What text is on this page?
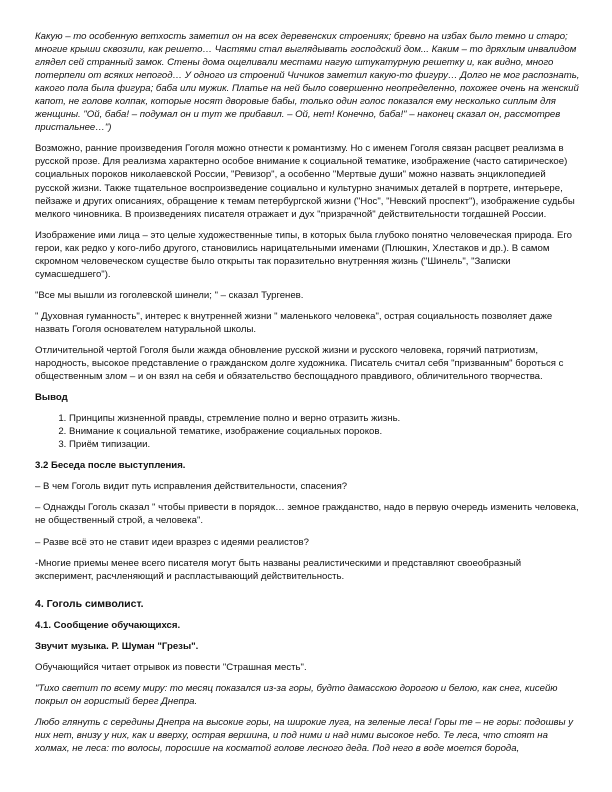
Какую – то особенную ветхость заметил он на всех деревенских строениях; бревно на избах было темно и старо; многие крыши сквозили, как решето… Частями стал выглядывать господский дом... Каким – то дряхлым инвалидом глядел сей странный замок. Стены дома ощеливали местами нагую штукатурную решетку и, как видно, много потерпели от всяких непогод… У одного из строений Чичиков заметил какую-то фигуру… Долго не мог распознать, какого пола была фигура; баба или мужик. Платье на ней было совершенно неопределенно, похожее очень на женский капот, не голове колпак, которые носят дворовые бабы, только один голос показался ему несколько сиплым для женщины. "Ой, баба! – подумал он и тут же прибавил. – Ой, нет! Конечно, баба!" – наконец сказал он, рассмотрев пристальнее…")

Возможно, ранние произведения Гоголя можно отнести к романтизму. Но с именем Гоголя связан расцвет реализма в русской прозе. Для реализма характерно особое внимание к социальной тематике, изображение (часто сатирическое) социальных пороков николаевской России, "Ревизор", а особенно "Мертвые души" можно назвать энциклопедией русской жизни. Также тщательное воспроизведение социально и культурно значимых деталей в портрете, интерьере, пейзаже и других описаниях, обращение к темам петербургской жизни ("Нос", "Невский проспект"), изображение судьбы мелкого чиновника. В произведениях писателя отражает и дух "призрачной" действительности тогдашней России.

Изображение ими лица – это целые художественные типы, в которых была глубоко понятно человеческая природа. Его герои, как редко у кого-либо другого, становились нарицательными именами (Плюшкин, Хлестаков и др.). В самом скромном человеческом существе было открыты так поразительно внутренняя жизнь ("Шинель", "Записки сумасшедшего").

"Все мы вышли из гоголевской шинели; " – сказал Тургенев.

" Духовная гуманность", интерес к внутренней жизни " маленького человека", острая социальность позволяет даже назвать Гоголя основателем натуральной школы.

Отличительной чертой Гоголя были жажда обновление русской жизни и русского человека, горячий патриотизм, народность, высокое представление о гражданском долге художника. Писатель считал себя "призванным" бороться с общественным злом – и он взял на себя и обязательство беспощадного правдивого, обличительного творчества.

Вывод

1. Принципы жизненной правды, стремление полно и верно отразить жизнь.
2. Внимание к социальной тематике, изображение социальных пороков.
3. Приём типизации.

3.2 Беседа после выступления.

– В чем Гоголь видит путь исправления действительности, спасения?

– Однажды Гоголь сказал " чтобы привести в порядок… земное гражданство, надо в первую очередь изменить человека, не общественный строй, а человека".

– Разве всё это не ставит идеи вразрез с идеями реалистов?

-Многие приемы менее всего писателя могут быть названы реалистическими и представляют своеобразный эксперимент, расчленяющий и распластывающий действительность.

4. Гоголь символист.

4.1. Сообщение обучающихся.

Звучит музыка. Р. Шуман "Грезы".

Обучающийся читает отрывок из повести "Страшная месть".

"Тихо светит по всему миру: то месяц показался из-за горы, будто дамасскою дорогою и белою, как снег, кисейю покрыл он гористый берег Днепра.

Любо глянуть с середины Днепра на высокие горы, на широкие луга, на зеленые леса! Горы те – не горы: подошвы у них нет, внизу у них, как и вверху, острая вершина, и под ними и над ними высокое небо. Те леса, что стоят на холмах, не леса: то волосы, поросшие на косматой голове лесного деда. Под него в воде моется борода,
